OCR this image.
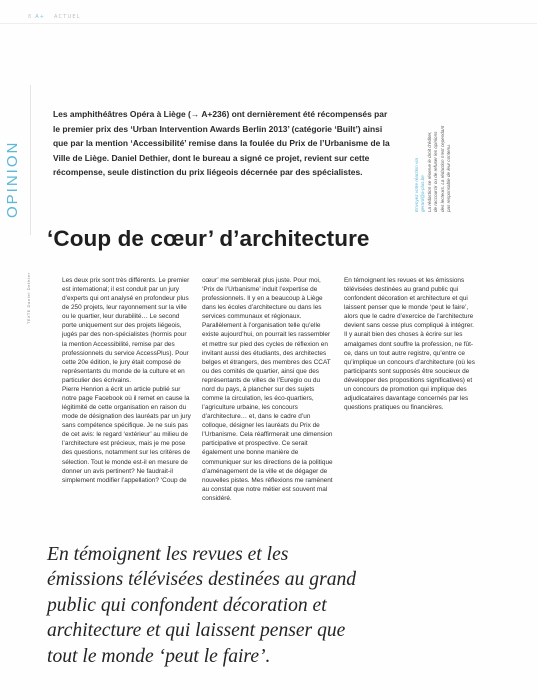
8 A+ ACTUEL
OPINION
Les amphithéâtres Opéra à Liège (→ A+236) ont dernièrement été récompensés par le premier prix des ‘Urban Intervention Awards Berlin 2013’ (catégorie ‘Built’) ainsi que par la mention ‘Accessibilité’ remise dans la foulée du Prix de l’Urbanisme de la Ville de Liège. Daniel Dethier, dont le bureau a signé ce projet, revient sur cette récompense, seule distinction du prix liégeois décernée par des spécialistes.	Envoyez votre réaction via gerard@a-plus.be La rédaction se réserve le droit d’éditer, de raccourcir ou de refuser les opinions des lecteurs. La rédaction n’est cependant pas responsable de leur contenu.
‘Coup de cœur’ d’architecture
TEXTE Daniel Dethier	Les deux prix sont très différents. Le premier est international; il est conduit par un jury d’experts qui ont analysé en profondeur plus de 250 projets, leur rayonnement sur la ville ou le quartier, leur durabilité… Le second porte uniquement sur des projets liégeois, jugés par des non-spécialistes (hormis pour la mention Accessibilité, remise par des professionnels du service AccessPlus). Pour cette 20e édition, le jury était composé de représentants du monde de la culture et en particulier des écrivains.

Pierre Henrion a écrit un article publié sur notre page Facebook où il remet en cause la légitimité de cette organisation en raison du mode de désignation des lauréats par un jury sans compétence spécifique. Je ne suis pas de cet avis: le regard ‘extérieur’ au milieu de l’architecture est précieux, mais je me pose des questions, notamment sur les critères de sélection. Tout le monde est-il en mesure de donner un avis pertinent? Ne faudrait-il simplement modifier l’appellation? ‘Coup de

cœur’ me semblerait plus juste. Pour moi, ‘Prix de l’Urbanisme’ induit l’expertise de professionnels. Il y en a beaucoup à Liège dans les écoles d’architecture ou dans les services communaux et régionaux. Parallèlement à l’organisation telle qu’elle existe aujourd’hui, on pourrait les rassembler et mettre sur pied des cycles de réflexion en invitant aussi des étudiants, des architectes belges et étrangers, des membres des CCAT ou des comités de quartier, ainsi que des représentants de villes de l’Euregio ou du nord du pays, à plancher sur des sujets comme la circulation, les éco-quartiers, l’agriculture urbaine, les concours d’architecture… et, dans le cadre d’un colloque, désigner les lauréats du Prix de l’Urbanisme. Cela réaffirmerait une dimension participative et prospective. Ce serait également une bonne manière de communiquer sur les directions de la politique d’aménagement de la ville et de dégager de nouvelles pistes. Mes réflexions me ramènent au constat que notre métier est souvent mal considéré.

En témoignent les revues et les émissions télévisées destinées au grand public qui confondent décoration et architecture et qui laissent penser que le monde ‘peut le faire’, alors que le cadre d’exercice de l’architecture devient sans cesse plus compliqué à intégrer. Il y aurait bien des choses à écrire sur les amalgames dont souffre la profession, ne fût-ce, dans un tout autre registre, qu’entre ce qu’implique un concours d’architecture (où les participants sont supposés être soucieux de développer des propositions significatives) et un concours de promotion qui implique des adjudicataires davantage concernés par les questions pratiques ou financières.

En témoignent les revues et les
émissions télévisées destinées au grand
public qui confondent décoration et
architecture et qui laissent penser que
tout le monde ‘peut le faire’.
